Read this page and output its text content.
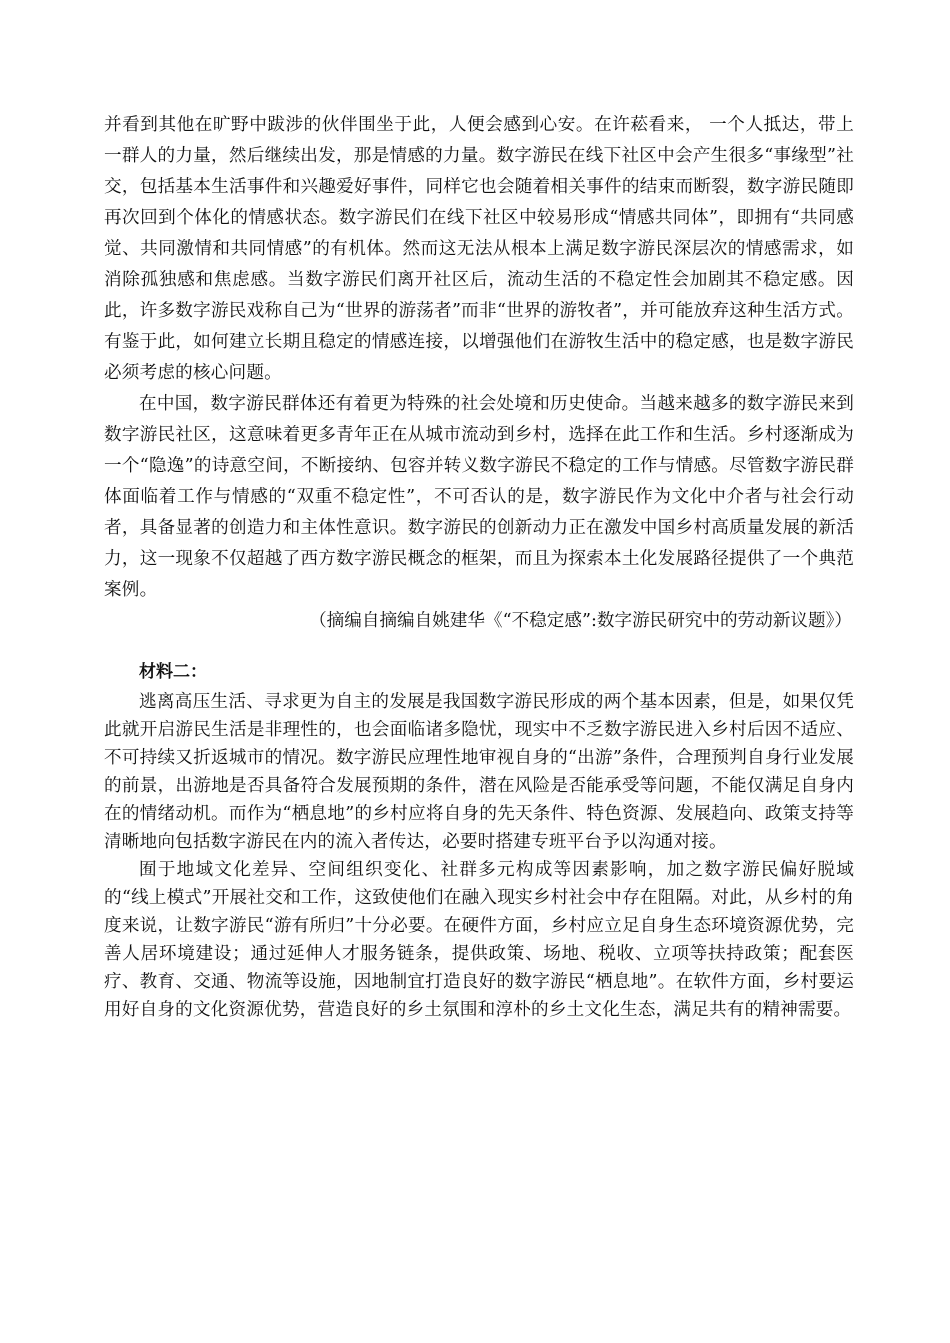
并看到其他在旷野中跋涉的伙伴围坐于此，人便会感到心安。在许菘看来， 一个人抵达，带上一群人的力量，然后继续出发，那是情感的力量。数字游民在线下社区中会产生很多“事缘型”社交，包括基本生活事件和兴趣爱好事件，同样它也会随着相关事件的结束而断裂，数字游民随即再次回到个体化的情感状态。数字游民们在线下社区中较易形成“情感共同体”，即拥有“共同感觉、共同激情和共同情感”的有机体。然而这无法从根本上满足数字游民深层次的情感需求，如消除孤独感和焦虑感。当数字游民们离开社区后，流动生活的不稳定性会加剧其不稳定感。因此，许多数字游民戏称自己为“世界的游荡者”而非“世界的游牧者”，并可能放弃这种生活方式。有鉴于此，如何建立长期且稳定的情感连接，以增强他们在游牧生活中的稳定感，也是数字游民必须考虑的核心问题。

在中国，数字游民群体还有着更为特殊的社会处境和历史使命。当越来越多的数字游民来到数字游民社区，这意味着更多青年正在从城市流动到乡村，选择在此工作和生活。乡村逐渐成为一个“隐逸”的诗意空间，不断接纳、包容并转义数字游民不稳定的工作与情感。尽管数字游民群体面临着工作与情感的“双重不稳定性”，不可否认的是，数字游民作为文化中介者与社会行动者，具备显著的创造力和主体性意识。数字游民的创新动力正在激发中国乡村高质量发展的新活力，这一现象不仅超越了西方数字游民概念的框架，而且为探索本土化发展路径提供了一个典范案例。

（摘编自摘编自姚建华《“不稳定感”:数字游民研究中的劳动新议题》）

材料二：

逃离高压生活、寻求更为自主的发展是我国数字游民形成的两个基本因素，但是，如果仅凭此就开启游民生活是非理性的，也会面临诸多隐忧，现实中不乏数字游民进入乡村后因不适应、不可持续又折返城市的情况。数字游民应理性地审视自身的“出游”条件，合理预判自身行业发展的前景，出游地是否具备符合发展预期的条件，潜在风险是否能承受等问题，不能仅满足自身内在的情绪动机。而作为“栖息地”的乡村应将自身的先天条件、特色资源、发展趋向、政策支持等清晰地向包括数字游民在内的流入者传达，必要时搭建专班平台予以沟通对接。

囿于地域文化差异、空间组织变化、社群多元构成等因素影响，加之数字游民偏好脱域的“线上模式”开展社交和工作，这致使他们在融入现实乡村社会中存在阻隔。对此，从乡村的角度来说，让数字游民“游有所归”十分必要。在硬件方面，乡村应立足自身生态环境资源优势，完善人居环境建设；通过延伸人才服务链条，提供政策、场地、税收、立项等扶持政策；配套医疗、教育、交通、物流等设施，因地制宜打造良好的数字游民“栖息地”。在软件方面，乡村要运用好自身的文化资源优势，营造良好的乡土氛围和淳朴的乡土文化生态，满足共有的精神需要。
